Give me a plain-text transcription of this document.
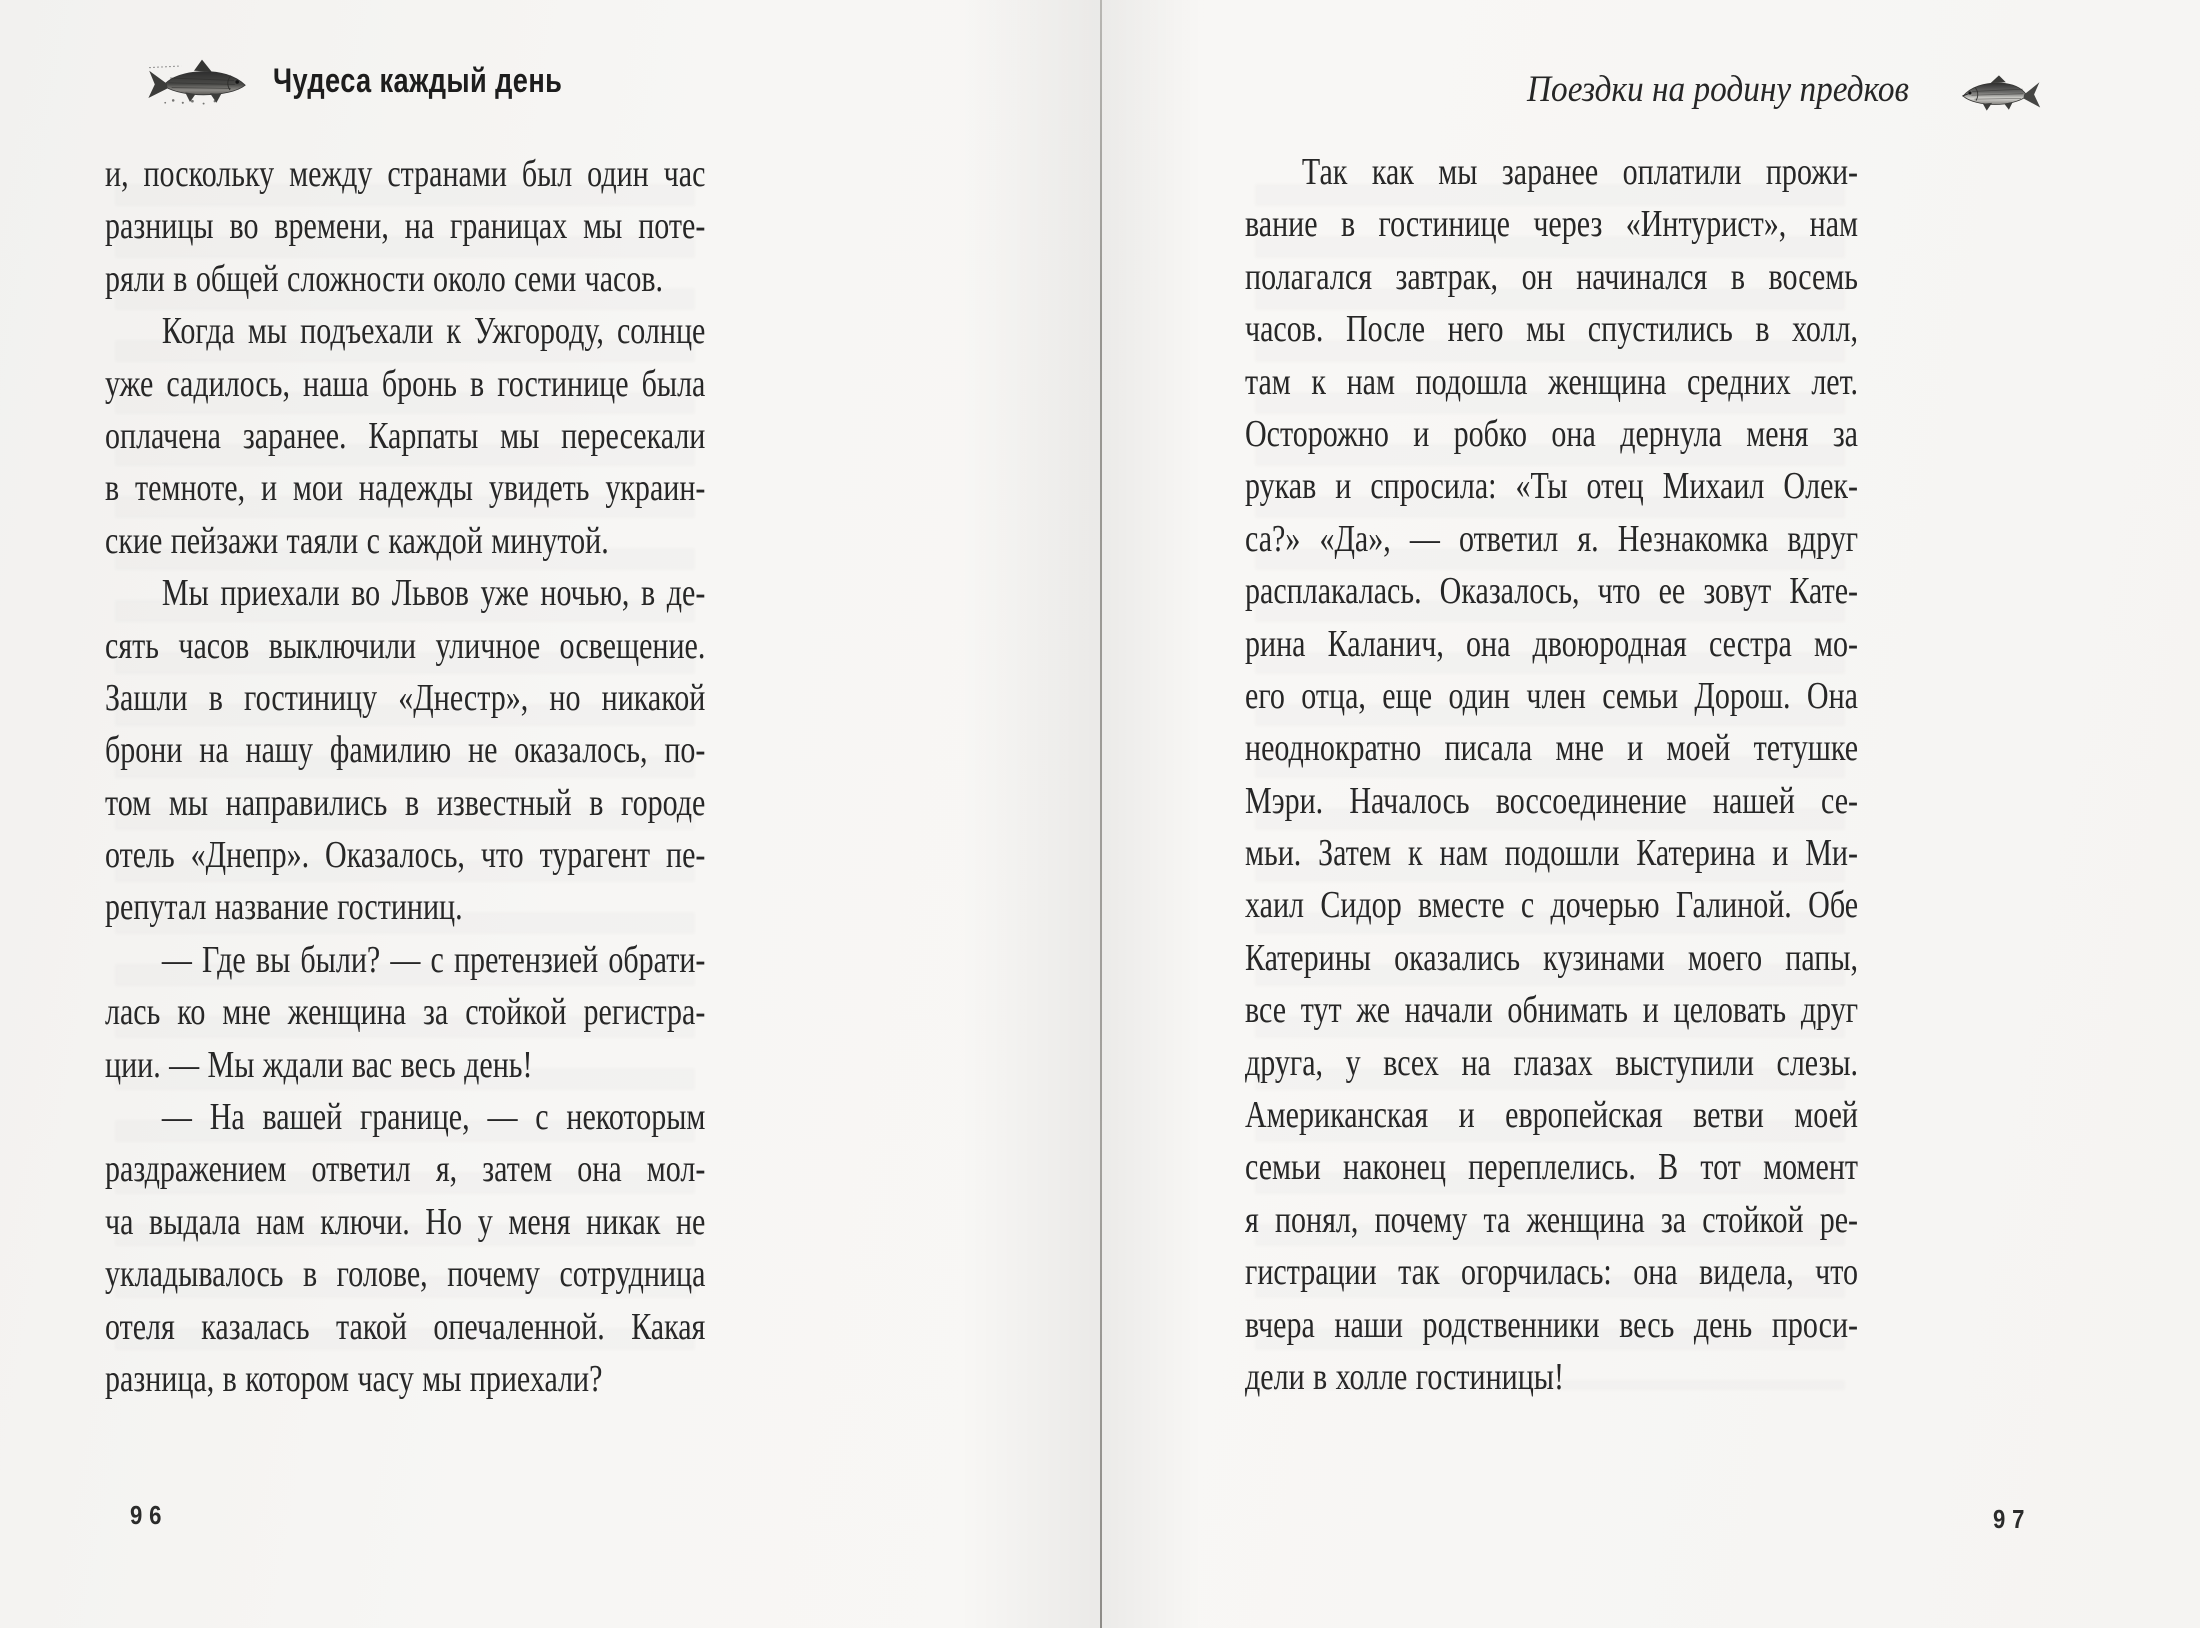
Чудеса каждый день
и, поскольку между странами был один час
разницы во времени, на границах мы поте-
ряли в общей сложности около семи часов.
Когда мы подъехали к Ужгороду, солнце
уже садилось, наша бронь в гостинице была
оплачена заранее. Карпаты мы пересекали
в темноте, и мои надежды увидеть украин-
ские пейзажи таяли с каждой минутой.
Мы приехали во Львов уже ночью, в де-
сять часов выключили уличное освещение.
Зашли в гостиницу «Днестр», но никакой
брони на нашу фамилию не оказалось, по-
том мы направились в известный в городе
отель «Днепр». Оказалось, что турагент пе-
репутал название гостиниц.
— Где вы были? — с претензией обрати-
лась ко мне женщина за стойкой регистра-
ции. — Мы ждали вас весь день!
— На вашей границе, — с некоторым
раздражением ответил я, затем она мол-
ча выдала нам ключи. Но у меня никак не
укладывалось в голове, почему сотрудница
отеля казалась такой опечаленной. Какая
разница, в котором часу мы приехали?
96
Поездки на родину предков
Так как мы заранее оплатили прожи-
вание в гостинице через «Интурист», нам
полагался завтрак, он начинался в восемь
часов. После него мы спустились в холл,
там к нам подошла женщина средних лет.
Осторожно и робко она дернула меня за
рукав и спросила: «Ты отец Михаил Олек-
са?» «Да», — ответил я. Незнакомка вдруг
расплакалась. Оказалось, что ее зовут Кате-
рина Каланич, она двоюродная сестра мо-
его отца, еще один член семьи Дорош. Она
неоднократно писала мне и моей тетушке
Мэри. Началось воссоединение нашей се-
мьи. Затем к нам подошли Катерина и Ми-
хаил Сидор вместе с дочерью Галиной. Обе
Катерины оказались кузинами моего папы,
все тут же начали обнимать и целовать друг
друга, у всех на глазах выступили слезы.
Американская и европейская ветви моей
семьи наконец переплелись. В тот момент
я понял, почему та женщина за стойкой ре-
гистрации так огорчилась: она видела, что
вчера наши родственники весь день проси-
дели в холле гостиницы!
97
